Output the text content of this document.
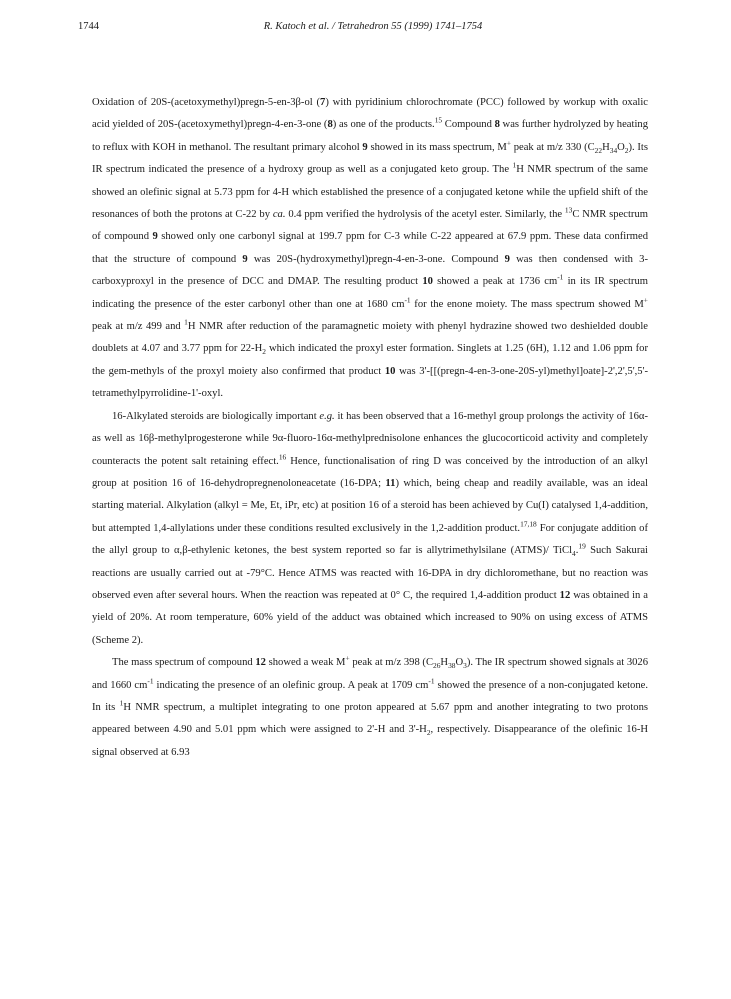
1744	R. Katoch et al. / Tetrahedron 55 (1999) 1741–1754

Oxidation of 20S-(acetoxymethyl)pregn-5-en-3β-ol (7) with pyridinium chlorochromate (PCC) followed by workup with oxalic acid yielded of 20S-(acetoxymethyl)pregn-4-en-3-one (8) as one of the products.$^{15}$ Compound 8 was further hydrolyzed by heating to reflux with KOH in methanol. The resultant primary alcohol 9 showed in its mass spectrum, M+ peak at m/z 330 $(C_{22}H_{34}O_2)$. Its IR spectrum indicated the presence of a hydroxy group as well as a conjugated keto group. The $^1$H NMR spectrum of the same showed an olefinic signal at 5.73 ppm for 4-H which established the presence of a conjugated ketone while the upfield shift of the resonances of both the protons at C-22 by ca. 0.4 ppm verified the hydrolysis of the acetyl ester. Similarly, the $^{13}$C NMR spectrum of compound 9 showed only one carbonyl signal at 199.7 ppm for C-3 while C-22 appeared at 67.9 ppm. These data confirmed that the structure of compound 9 was 20S-(hydroxymethyl)pregn-4-en-3-one. Compound 9 was then condensed with 3-carboxyproxyl in the presence of DCC and DMAP. The resulting product 10 showed a peak at 1736 $cm^{-1}$ in its IR spectrum indicating the presence of the ester carbonyl other than one at 1680 $cm^{-1}$ for the enone moiety. The mass spectrum showed M+ peak at m/z 499 and $^1$H NMR after reduction of the paramagnetic moiety with phenyl hydrazine showed two deshielded double doublets at 4.07 and 3.77 ppm for $22-H_2$ which indicated the proxyl ester formation. Singlets at 1.25 (6H), 1.12 and 1.06 ppm for the gem-methyls of the proxyl moiety also confirmed that product 10 was 3'-[[(pregn-4-en-3-one-20S-yl)methyl]oate]-2',2',5',5'-tetramethylpyrrolidine-1'-oxyl.

16-Alkylated steroids are biologically important e.g. it has been observed that a 16-methyl group prolongs the activity of 16α- as well as 16β-methylprogesterone while 9α-fluoro-16α-methylprednisolone enhances the glucocorticoid activity and completely counteracts the potent salt retaining effect.$^{16}$ Hence, functionalisation of ring D was conceived by the introduction of an alkyl group at position 16 of 16-dehydropregnenoloneacetate (16-DPA; 11) which, being cheap and readily available, was an ideal starting material. Alkylation (alkyl = Me, Et, iPr, etc) at position 16 of a steroid has been achieved by Cu(I) catalysed 1,4-addition, but attempted 1,4-allylations under these conditions resulted exclusively in the 1,2-addition product.$^{17,18}$ For conjugate addition of the allyl group to α,β-ethylenic ketones, the best system reported so far is allytrimethylsilane (ATMS)/ TiCl$_4$.$^{19}$ Such Sakurai reactions are usually carried out at -79°C. Hence ATMS was reacted with 16-DPA in dry dichloromethane, but no reaction was observed even after several hours. When the reaction was repeated at 0° C, the required 1,4-addition product 12 was obtained in a yield of 20%. At room temperature, 60% yield of the adduct was obtained which increased to 90% on using excess of ATMS (Scheme 2).

The mass spectrum of compound 12 showed a weak M+ peak at m/z 398 $(C_{26}H_{38}O_3)$. The IR spectrum showed signals at 3026 and 1660 $cm^{-1}$ indicating the presence of an olefinic group. A peak at 1709 $cm^{-1}$ showed the presence of a non-conjugated ketone. In its $^1$H NMR spectrum, a multiplet integrating to one proton appeared at 5.67 ppm and another integrating to two protons appeared between 4.90 and 5.01 ppm which were assigned to 2'-H and $3'-H_2$, respectively. Disappearance of the olefinic 16-H signal observed at 6.93
